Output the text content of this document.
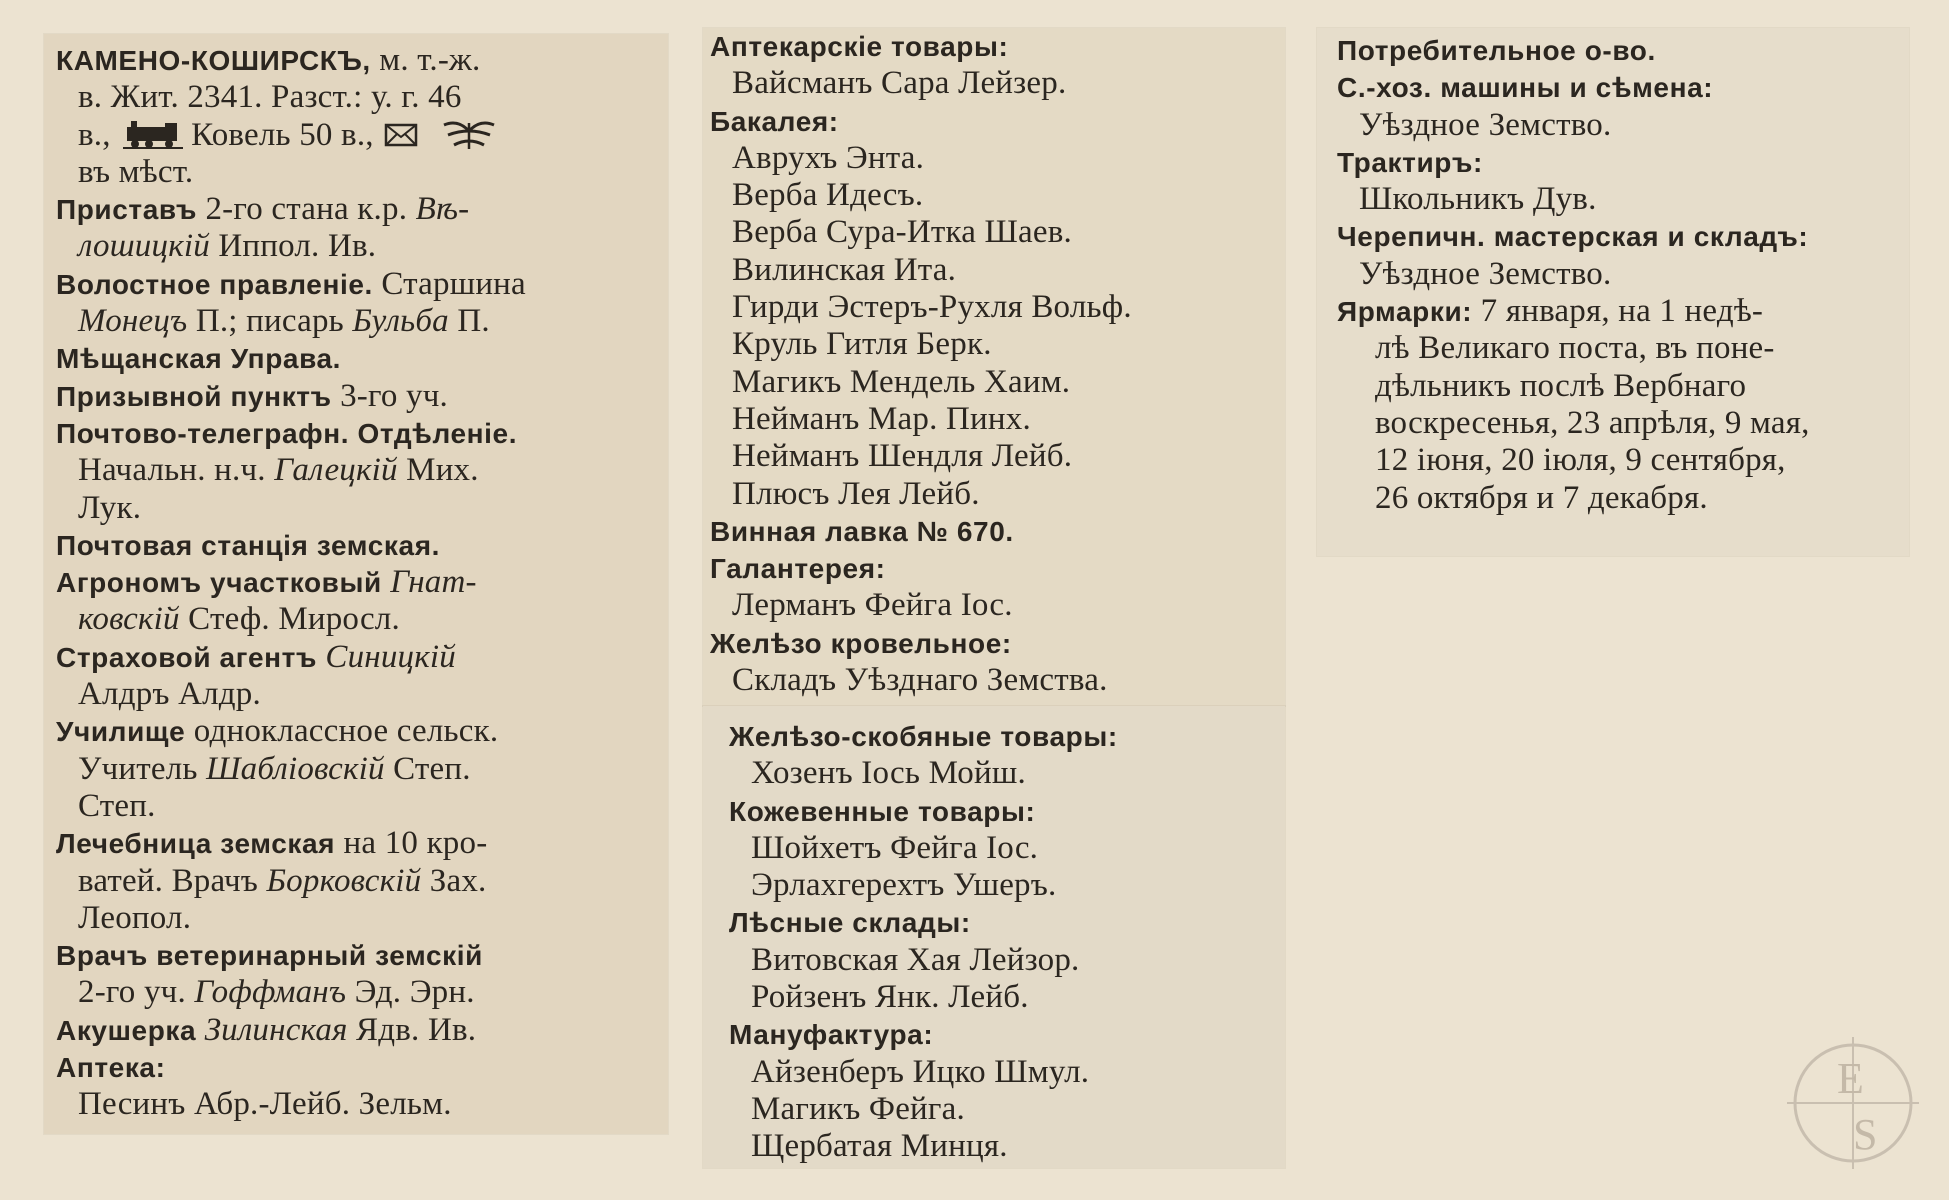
КАМЕНО-КОШИРСКЪ, м. т.-ж.
в. Жит. 2341. Разст.: у. г. 46
в., Ковель 50 в.,
въ мѣст.
Приставъ 2-го стана к.р. Вѣ-
лошицкій Иппол. Ив.
Волостное правленіе. Старшина
Монецъ П.; писарь Бульба П.
Мѣщанская Управа.
Призывной пунктъ 3-го уч.
Почтово-телеграфн. Отдѣленіе.
Начальн. н.ч. Галецкій Мих.
Лук.
Почтовая станція земская.
Агрономъ участковый Гнат-
ковскій Стеф. Миросл.
Страховой агентъ Синицкій
Алдръ Алдр.
Училище одноклассное сельск.
Учитель Шабліовскій Степ.
Степ.
Лечебница земская на 10 кро-
ватей. Врачъ Борковскій Зах.
Леопол.
Врачъ ветеринарный земскій
2-го уч. Гоффманъ Эд. Эрн.
Акушерка Зилинская Ядв. Ив.
Аптека:
Песинъ Абр.-Лейб. Зельм.
Аптекарскіе товары:
Вайсманъ Сара Лейзер.
Бакалея:
Аврухъ Энта.
Верба Идесъ.
Верба Сура-Итка Шаев.
Вилинская Ита.
Гирди Эстеръ-Рухля Вольф.
Круль Гитля Берк.
Магикъ Мендель Хаим.
Нейманъ Мар. Пинх.
Нейманъ Шендля Лейб.
Плюсъ Лея Лейб.
Винная лавка № 670.
Галантерея:
Лерманъ Фейга Іос.
Желѣзо кровельное:
Складъ Уѣзднаго Земства.
Желѣзо-скобяные товары:
Хозенъ Іось Мойш.
Кожевенные товары:
Шойхетъ Фейга Іос.
Эрлахгерехтъ Ушеръ.
Лѣсные склады:
Витовская Хая Лейзор.
Ройзенъ Янк. Лейб.
Мануфактура:
Айзенберъ Ицко Шмул.
Магикъ Фейга.
Щербатая Минця.
Потребительное о-во.
С.-хоз. машины и сѣмена:
Уѣздное Земство.
Трактиръ:
Школьникъ Дув.
Черепичн. мастерская и складъ:
Уѣздное Земство.
Ярмарки: 7 января, на 1 недѣ-
лѣ Великаго поста, въ поне-
дѣльникъ послѣ Вербнаго
воскресенья, 23 апрѣля, 9 мая,
12 іюня, 20 іюля, 9 сентября,
26 октября и 7 декабря.
E
S
